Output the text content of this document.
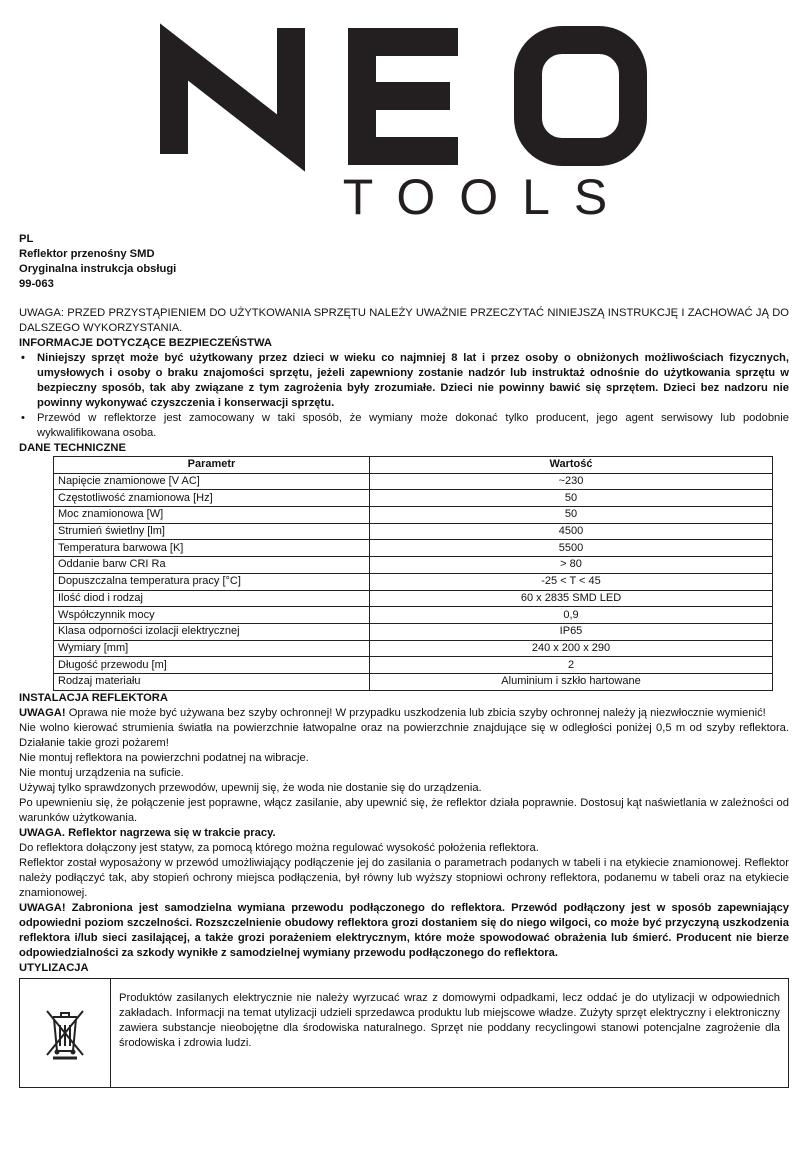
TOOLS
PL
Reflektor przenośny SMD
Oryginalna instrukcja obsługi
99-063

UWAGA: PRZED PRZYSTĄPIENIEM DO UŻYTKOWANIA SPRZĘTU NALEŻY UWAŻNIE PRZECZYTAĆ NINIEJSZĄ INSTRUKCJĘ I ZACHOWAĆ JĄ DO DALSZEGO WYKORZYSTANIA.

INFORMACJE DOTYCZĄCE BEZPIECZEŃSTWA
• Niniejszy sprzęt może być użytkowany przez dzieci w wieku co najmniej 8 lat i przez osoby o obniżonych możliwościach fizycznych, umysłowych i osoby o braku znajomości sprzętu, jeżeli zapewniony zostanie nadzór lub instruktaż odnośnie do użytkowania sprzętu w bezpieczny sposób, tak aby związane z tym zagrożenia były zrozumiałe. Dzieci nie powinny bawić się sprzętem. Dzieci bez nadzoru nie powinny wykonywać czyszczenia i konserwacji sprzętu.
• Przewód w reflektorze jest zamocowany w taki sposób, że wymiany może dokonać tylko producent, jego agent serwisowy lub podobnie wykwalifikowana osoba.
DANE TECHNICZNE
Parametr	Wartość
Napięcie znamionowe [V AC]	~230
Częstotliwość znamionowa [Hz]	50
Moc znamionowa [W]	50
Strumień świetlny [lm]	4500
Temperatura barwowa [K]	5500
Oddanie barw CRI Ra	> 80
Dopuszczalna temperatura pracy [°C]	-25 < T < 45
Ilość diod i rodzaj	60 x 2835 SMD LED
Współczynnik mocy	0,9
Klasa odporności izolacji elektrycznej	IP65
Wymiary [mm]	240 x 200 x 290
Długość przewodu [m]	2
Rodzaj materiału	Aluminium i szkło hartowane
INSTALACJA REFLEKTORA

UWAGA! Oprawa nie może być używana bez szyby ochronnej! W przypadku uszkodzenia lub zbicia szyby ochronnej należy ją niezwłocznie wymienić!

Nie wolno kierować strumienia światła na powierzchnie łatwopalne oraz na powierzchnie znajdujące się w odległości poniżej 0,5 m od szyby reflektora. Działanie takie grozi pożarem!

Nie montuj reflektora na powierzchni podatnej na wibracje.

Nie montuj urządzenia na suficie.

Używaj tylko sprawdzonych przewodów, upewnij się, że woda nie dostanie się do urządzenia.

Po upewnieniu się, że połączenie jest poprawne, włącz zasilanie, aby upewnić się, że reflektor działa poprawnie. Dostosuj kąt naświetlania w zależności od warunków użytkowania.

UWAGA. Reflektor nagrzewa się w trakcie pracy.

Do reflektora dołączony jest statyw, za pomocą którego można regulować wysokość położenia reflektora.

Reflektor został wyposażony w przewód umożliwiający podłączenie jej do zasilania o parametrach podanych w tabeli i na etykiecie znamionowej. Reflektor należy podłączyć tak, aby stopień ochrony miejsca podłączenia, był równy lub wyższy stopniowi ochrony reflektora, podanemu w tabeli oraz na etykiecie znamionowej.

UWAGA! Zabroniona jest samodzielna wymiana przewodu podłączonego do reflektora. Przewód podłączony jest w sposób zapewniający odpowiedni poziom szczelności. Rozszczelnienie obudowy reflektora grozi dostaniem się do niego wilgoci, co może być przyczyną uszkodzenia reflektora i/lub sieci zasilającej, a także grozi porażeniem elektrycznym, które może spowodować obrażenia lub śmierć. Producent nie bierze odpowiedzialności za szkody wynikłe z samodzielnej wymiany przewodu podłączonego do reflektora.

UTYLIZACJA
Produktów zasilanych elektrycznie nie należy wyrzucać wraz z domowymi odpadkami, lecz oddać je do utylizacji w odpowiednich zakładach. Informacji na temat utylizacji udzieli sprzedawca produktu lub miejscowe władze. Zużyty sprzęt elektryczny i elektroniczny zawiera substancje nieobojętne dla środowiska naturalnego. Sprzęt nie poddany recyclingowi stanowi potencjalne zagrożenie dla środowiska i zdrowia ludzi.
